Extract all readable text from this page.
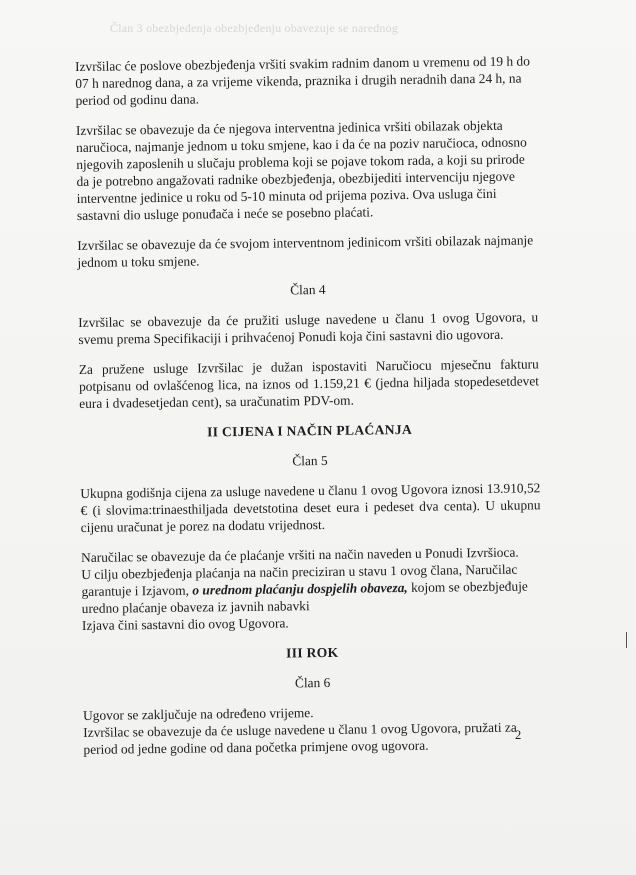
Član 3 obezbjeđenja obezbjeđenju obavezuje se narednog

Izvršilac će poslove obezbjeđenja vršiti svakim radnim danom u vremenu od 19 h do 07 h narednog dana, a za vrijeme vikenda, praznika i drugih neradnih dana 24 h, na period od godinu dana.

Izvršilac se obavezuje da će njegova interventna jedinica vršiti obilazak objekta naručioca, najmanje jednom u toku smjene, kao i da će na poziv naručioca, odnosno njegovih zaposlenih u slučaju problema koji se pojave tokom rada, a koji su prirode da je potrebno angažovati radnike obezbjeđenja, obezbijediti intervenciju njegove interventne jedinice u roku od 5-10 minuta od prijema poziva. Ova usluga čini sastavni dio usluge ponuđača i neće se posebno plaćati.

Izvršilac se obavezuje da će svojom interventnom jedinicom vršiti obilazak najmanje jednom u toku smjene.

Član 4

Izvršilac se obavezuje da će pružiti usluge navedene u članu 1 ovog Ugovora, u svemu prema Specifikaciji i prihvaćenoj Ponudi koja čini sastavni dio ugovora.

Za pružene usluge Izvršilac je dužan ispostaviti Naručiocu mjesečnu fakturu potpisanu od ovlašćenog lica, na iznos od 1.159,21 € (jedna hiljada stopedesetdevet eura i dvadesetjedan cent), sa uračunatim PDV-om.

II CIJENA I NAČIN PLAĆANJA
Član 5

Ukupna godišnja cijena za usluge navedene u članu 1 ovog Ugovora iznosi 13.910,52 € (i slovima:trinaesthiljada devetstotina deset eura i pedeset dva centa). U ukupnu cijenu uračunat je porez na dodatu vrijednost.

Naručilac se obavezuje da će plaćanje vršiti na način naveden u Ponudi Izvršioca.
U cilju obezbjeđenja plaćanja na način preciziran u stavu 1 ovog člana, Naručilac garantuje i Izjavom, o urednom plaćanju dospjelih obaveza, kojom se obezbjeđuje uredno plaćanje obaveza iz javnih nabavki
Izjava čini sastavni dio ovog Ugovora.

III ROK
Član 6

Ugovor se zaključuje na određeno vrijeme.
Izvršilac se obavezuje da će usluge navedene u članu 1 ovog Ugovora, pružati za period od jedne godine od dana početka primjene ovog ugovora.

2
